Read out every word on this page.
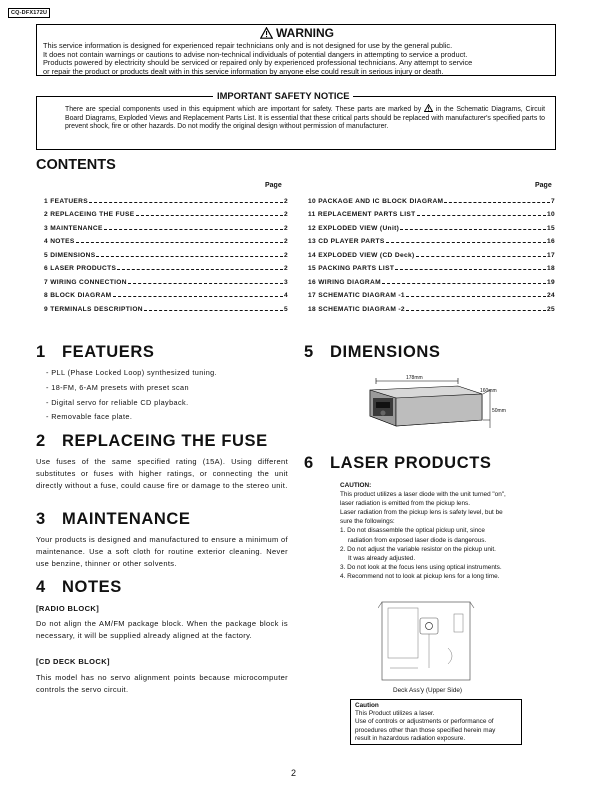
CQ-DFX172U
WARNING
This service information is designed for experienced repair technicians only and is not designed for use by the general public.
It does not contain warnings or cautions to advise non-technical individuals of potential dangers in attempting to service a product.
Products powered by electricity should be serviced or repaired only by experienced professional technicians. Any attempt to service
or repair the product or products dealt with in this service information by anyone else could result in serious injury or death.
IMPORTANT SAFETY NOTICE
There are special components used in this equipment which are important for safety. These parts are marked by in the Schematic Diagrams, Circuit Board Diagrams, Exploded Views and Replacement Parts List. It is essential that these critical parts should be replaced with manufacturer's specified parts to prevent shock, fire or other hazards. Do not modify the original design without permission of manufacturer.
CONTENTS
Page	Page
1 FEATUERS	2
2 REPLACEING THE FUSE	2
3 MAINTENANCE	2
4 NOTES	2
5 DIMENSIONS	2
6 LASER PRODUCTS	2
7 WIRING CONNECTION	3
8 BLOCK DIAGRAM	4
9 TERMINALS DESCRIPTION	5
10 PACKAGE AND IC BLOCK DIAGRAM	7
11 REPLACEMENT PARTS LIST	10
12 EXPLODED VIEW (Unit)	15
13 CD PLAYER PARTS	16
14 EXPLODED VIEW (CD Deck)	17
15 PACKING PARTS LIST	18
16 WIRING DIAGRAM	19
17 SCHEMATIC DIAGRAM -1	24
18 SCHEMATIC DIAGRAM -2	25
1 FEATUERS
- PLL (Phase Locked Loop) synthesized tuning.
- 18-FM, 6-AM presets with preset scan
- Digital servo for reliable CD playback.
- Removable face plate.
2 REPLACEING THE FUSE
Use fuses of the same specified rating (15A). Using different substitutes or fuses with higher ratings, or connecting the unit directly without a fuse, could cause fire or damage to the stereo unit.
3 MAINTENANCE
Your products is designed and manufactured to ensure a minimum of maintenance. Use a soft cloth for routine exterior cleaning. Never use benzine, thinner or other solvents.
4 NOTES
[RADIO BLOCK]
Do not align the AM/FM package block. When the package block is necessary, it will be supplied already aligned at the factory.
[CD DECK BLOCK]
This model has no servo alignment points because microcomputer controls the servo circuit.
5 DIMENSIONS
178mm
160mm
50mm
6 LASER PRODUCTS
CAUTION:
This product utilizes a laser diode with the unit turned "on",
laser radiation is emitted from the pickup lens.
Laser radiation from the pickup lens is safety level, but be
sure the followings:
1. Do not disassemble the optical pickup unit, since
radiation from exposed laser diode is dangerous.
2. Do not adjust the variable resistor on the pickup unit.
It was already adjusted.
3. Do not look at the focus lens using optical instruments.
4. Recommend not to look at pickup lens for a long time.
Deck Ass'y (Upper Side)
Caution
This Product utilizes a laser.
Use of controls or adjustments or performance of
procedures other than those specified herein may
result in hazardous radiation exposure.
2
